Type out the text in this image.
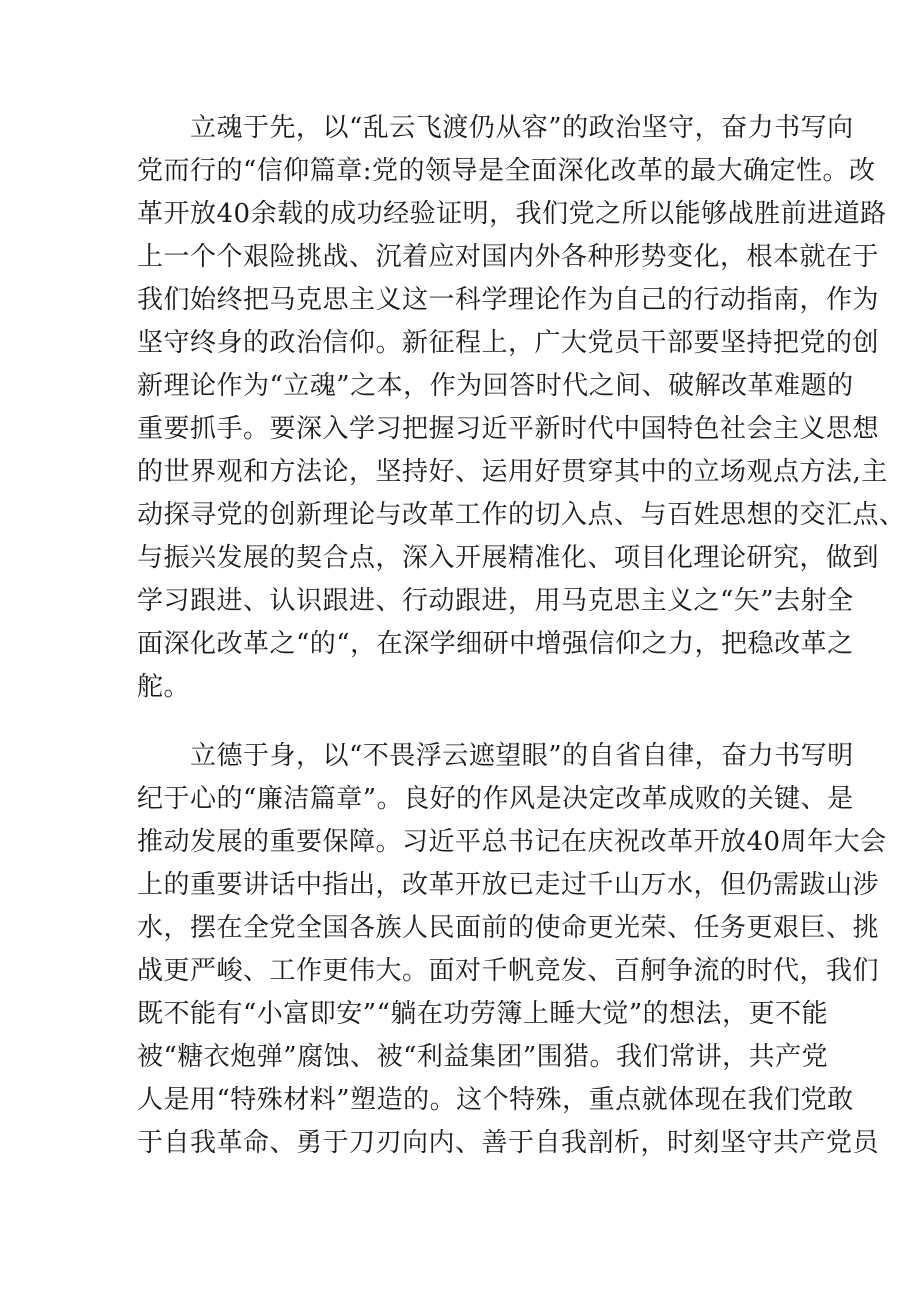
立魂于先，以“乱云飞渡仍从容”的政治坚守，奋力书写向

党而行的“信仰篇章:党的领导是全面深化改革的最大确定性。改

革开放40余载的成功经验证明，我们党之所以能够战胜前进道路

上一个个艰险挑战、沉着应对国内外各种形势变化，根本就在于

我们始终把马克思主义这一科学理论作为自己的行动指南，作为

坚守终身的政治信仰。新征程上，广大党员干部要坚持把党的创

新理论作为“立魂”之本，作为回答时代之间、破解改革难题的

重要抓手。要深入学习把握习近平新时代中国特色社会主义思想

的世界观和方法论，坚持好、运用好贯穿其中的立场观点方法,主

动探寻党的创新理论与改革工作的切入点、与百姓思想的交汇点、

与振兴发展的契合点，深入开展精准化、项目化理论研究，做到

学习跟进、认识跟进、行动跟进，用马克思主义之“矢”去射全

面深化改革之“的“，在深学细研中增强信仰之力，把稳改革之

舵。

立德于身，以“不畏浮云遮望眼”的自省自律，奋力书写明

纪于心的“廉洁篇章”。良好的作风是决定改革成败的关键、是

推动发展的重要保障。习近平总书记在庆祝改革开放40周年大会

上的重要讲话中指出，改革开放已走过千山万水，但仍需跋山涉

水，摆在全党全国各族人民面前的使命更光荣、任务更艰巨、挑

战更严峻、工作更伟大。面对千帆竞发、百舸争流的时代，我们

既不能有“小富即安”“躺在功劳簿上睡大觉”的想法，更不能

被“糖衣炮弹”腐蚀、被“利益集团”围猎。我们常讲，共产党

人是用“特殊材料”塑造的。这个特殊，重点就体现在我们党敢

于自我革命、勇于刀刃向内、善于自我剖析，时刻坚守共产党员
